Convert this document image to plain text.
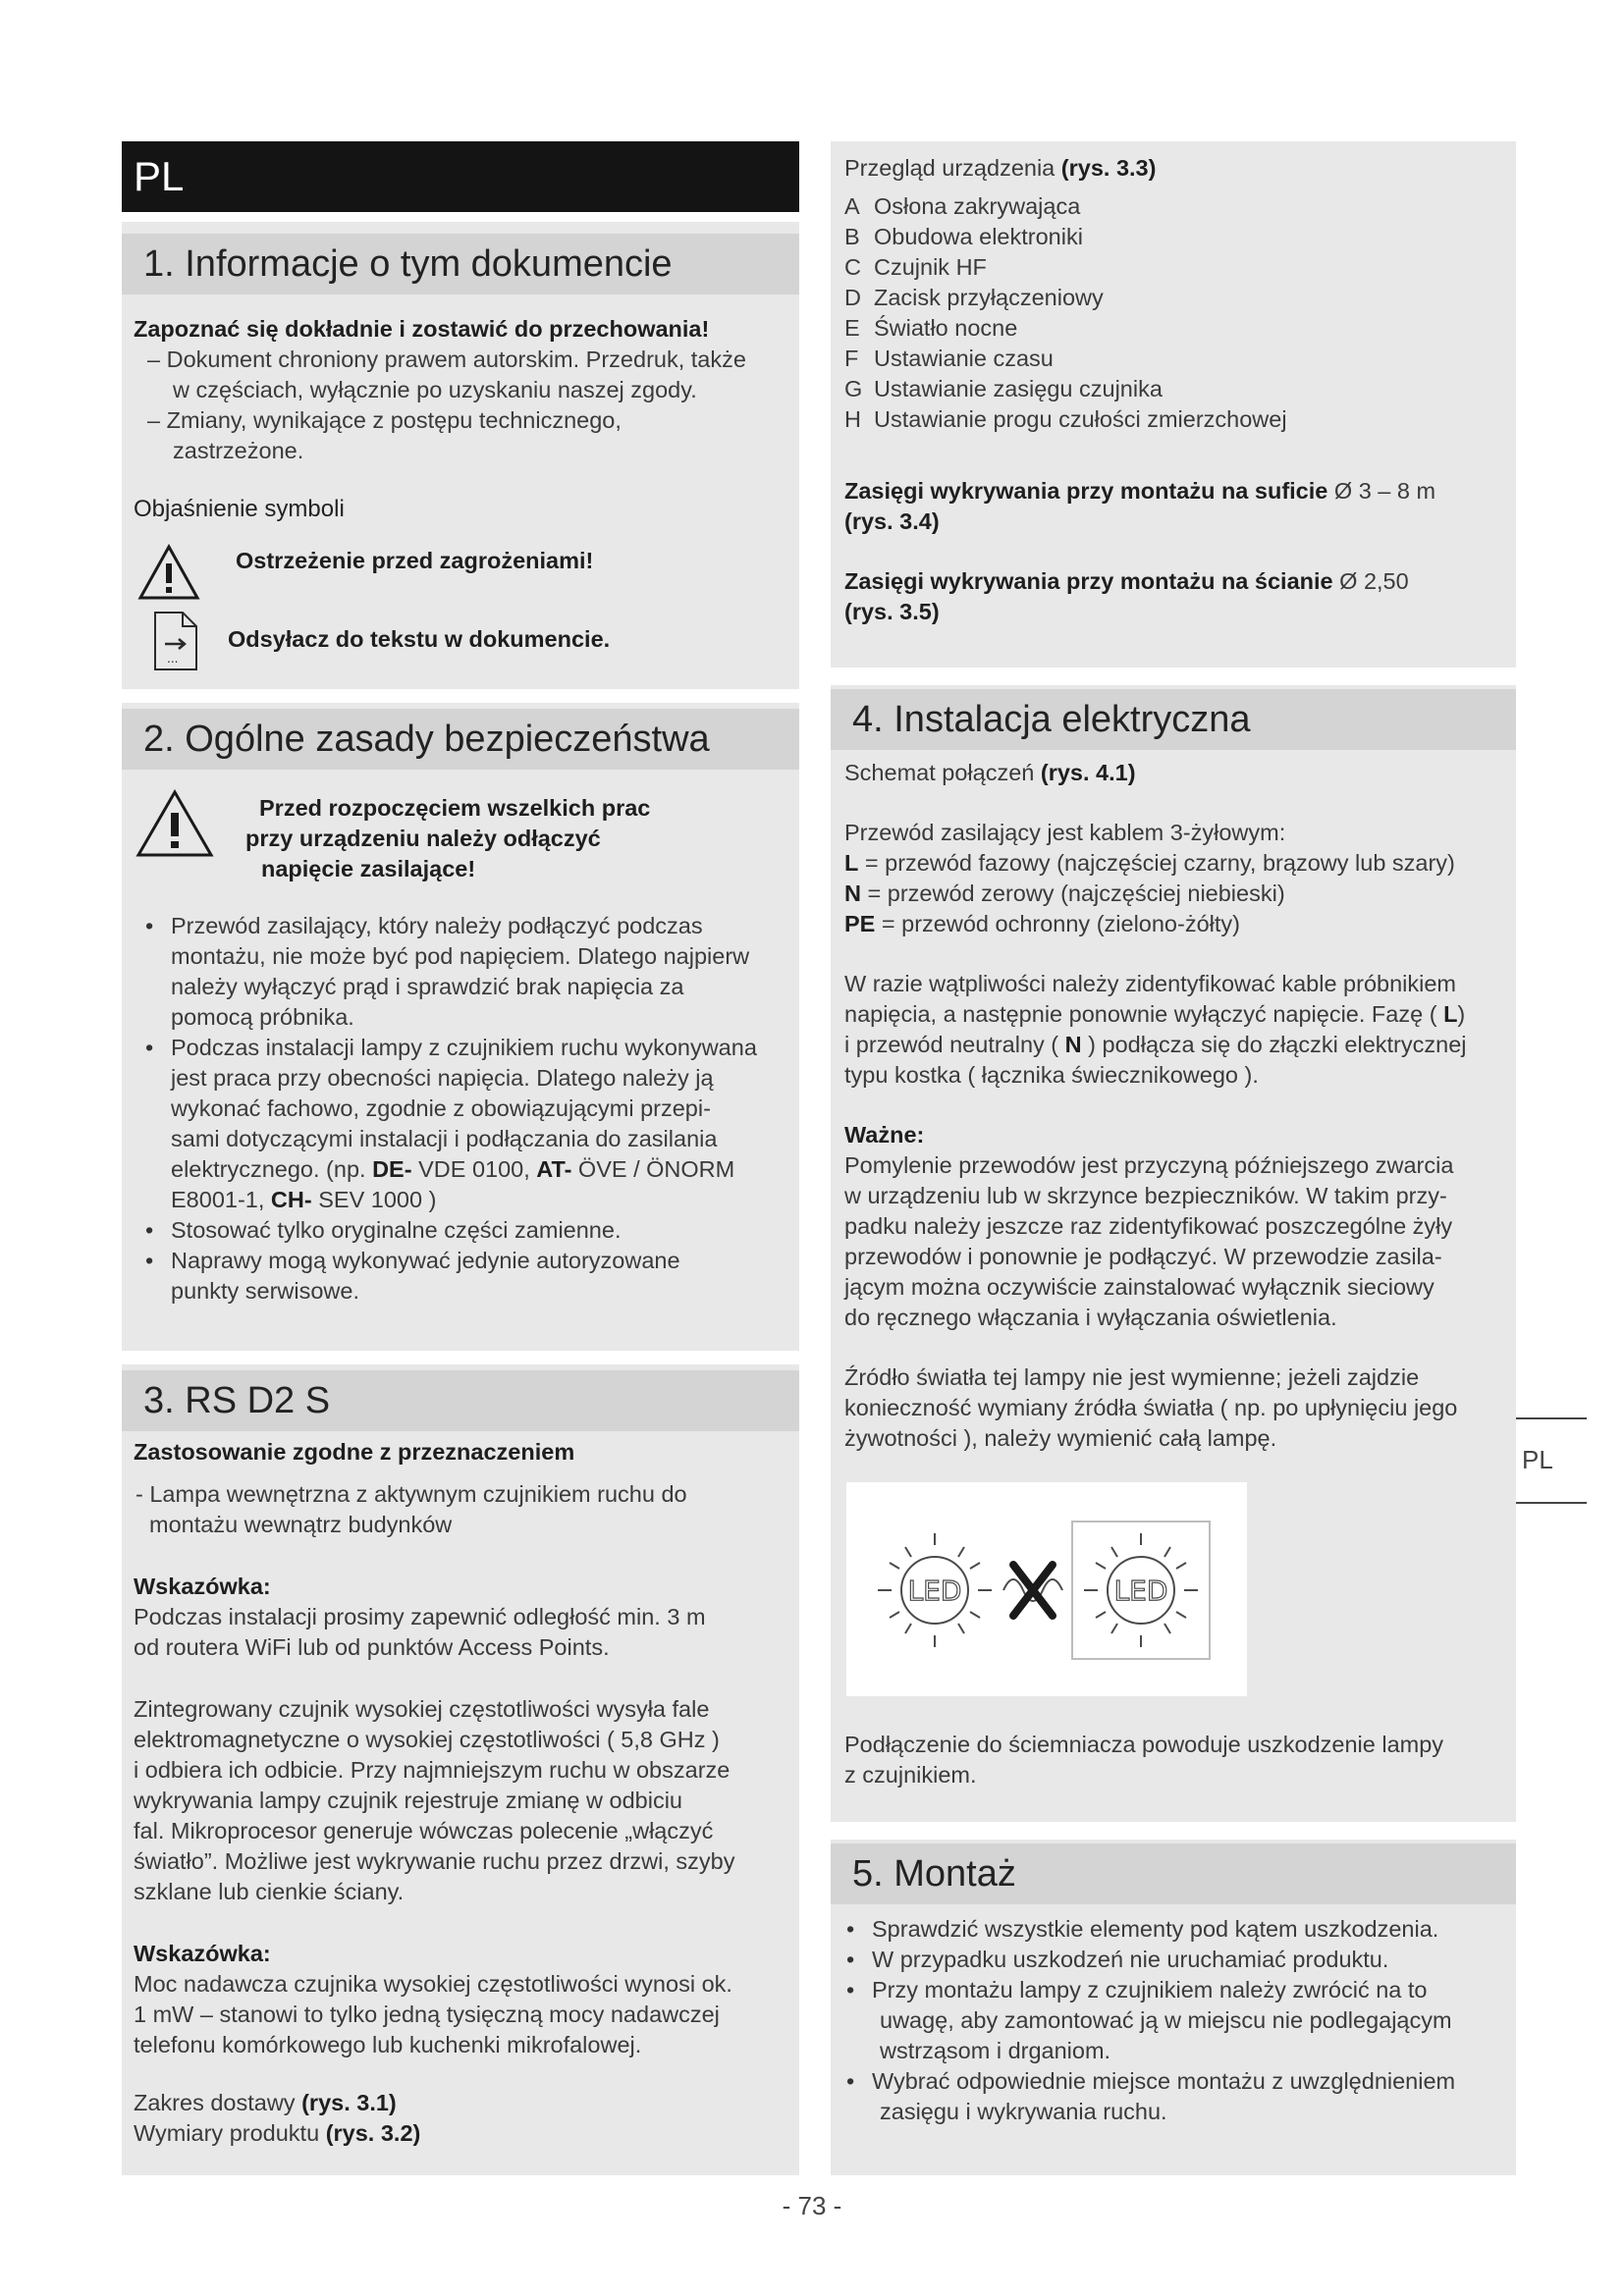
PL
1. Informacje o tym dokumencie

Zapoznać się dokładnie i zostawić do przechowania!

– Dokument chroniony prawem autorskim. Przedruk, także

w częściach, wyłącznie po uzyskaniu naszej zgody.

– Zmiany, wynikające z postępu technicznego,

zastrzeżone.

Objaśnienie symboli

Ostrzeżenie przed zagrożeniami!
...
Odsyłacz do tekstu w dokumencie.
2. Ogólne zasady bezpieczeństwa
Przed rozpoczęciem wszelkich prac
przy urządzeniu należy odłączyć
napięcie zasilające!
• Przewód zasilający, który należy podłączyć podczas
montażu, nie może być pod napięciem. Dlatego najpierw
należy wyłączyć prąd i sprawdzić brak napięcia za
pomocą próbnika.
• Podczas instalacji lampy z czujnikiem ruchu wykonywana
jest praca przy obecności napięcia. Dlatego należy ją
wykonać fachowo, zgodnie z obowiązującymi przepi-
sami dotyczącymi instalacji i podłączania do zasilania
elektrycznego. (np. DE- VDE 0100, AT- ÖVE / ÖNORM
E8001-1, CH- SEV 1000 )
• Stosować tylko oryginalne części zamienne.
• Naprawy mogą wykonywać jedynie autoryzowane
punkty serwisowe.
3. RS D2 S

Zastosowanie zgodne z przeznaczeniem

- Lampa wewnętrzna z aktywnym czujnikiem ruchu do

montażu wewnątrz budynków

Wskazówka:

Podczas instalacji prosimy zapewnić odległość min. 3 m

od routera WiFi lub od punktów Access Points.

Zintegrowany czujnik wysokiej częstotliwości wysyła fale

elektromagnetyczne o wysokiej częstotliwości ( 5,8 GHz )

i odbiera ich odbicie. Przy najmniejszym ruchu w obszarze

wykrywania lampy czujnik rejestruje zmianę w odbiciu

fal. Mikroprocesor generuje wówczas polecenie „włączyć

światło”. Możliwe jest wykrywanie ruchu przez drzwi, szyby

szklane lub cienkie ściany.

Wskazówka:

Moc nadawcza czujnika wysokiej częstotliwości wynosi ok.

1 mW – stanowi to tylko jedną tysięczną mocy nadawczej

telefonu komórkowego lub kuchenki mikrofalowej.

Zakres dostawy (rys. 3.1)

Wymiary produktu (rys. 3.2)

Przegląd urządzenia (rys. 3.3)

A Osłona zakrywająca
B Obudowa elektroniki
C Czujnik HF
D Zacisk przyłączeniowy
E Światło nocne
F Ustawianie czasu
G Ustawianie zasięgu czujnika
H Ustawianie progu czułości zmierzchowej

Zasięgi wykrywania przy montażu na suficie Ø 3 – 8 m

(rys. 3.4)

Zasięgi wykrywania przy montażu na ścianie Ø 2,50

(rys. 3.5)

4. Instalacja elektryczna

Schemat połączeń (rys. 4.1)

Przewód zasilający jest kablem 3-żyłowym:

L = przewód fazowy (najczęściej czarny, brązowy lub szary)

N = przewód zerowy (najczęściej niebieski)

PE = przewód ochronny (zielono-żółty)

W razie wątpliwości należy zidentyfikować kable próbnikiem

napięcia, a następnie ponownie wyłączyć napięcie. Fazę ( L)

i przewód neutralny ( N ) podłącza się do złączki elektrycznej

typu kostka ( łącznika świecznikowego ).

Ważne:

Pomylenie przewodów jest przyczyną późniejszego zwarcia

w urządzeniu lub w skrzynce bezpieczników. W takim przy-

padku należy jeszcze raz zidentyfikować poszczególne żyły

przewodów i ponownie je podłączyć. W przewodzie zasila-

jącym można oczywiście zainstalować wyłącznik sieciowy

do ręcznego włączania i wyłączania oświetlenia.

Źródło światła tej lampy nie jest wymienne; jeżeli zajdzie

konieczność wymiany źródła światła ( np. po upłynięciu jego

żywotności ), należy wymienić całą lampę.

LED	LED

Podłączenie do ściemniacza powoduje uszkodzenie lampy

z czujnikiem.

5. Montaż
• Sprawdzić wszystkie elementy pod kątem uszkodzenia.
• W przypadku uszkodzeń nie uruchamiać produktu.
• Przy montażu lampy z czujnikiem należy zwrócić na to
uwagę, aby zamontować ją w miejscu nie podlegającym
wstrząsom i drganiom.
• Wybrać odpowiednie miejsce montażu z uwzględnieniem
zasięgu i wykrywania ruchu.
PL
- 73 -
